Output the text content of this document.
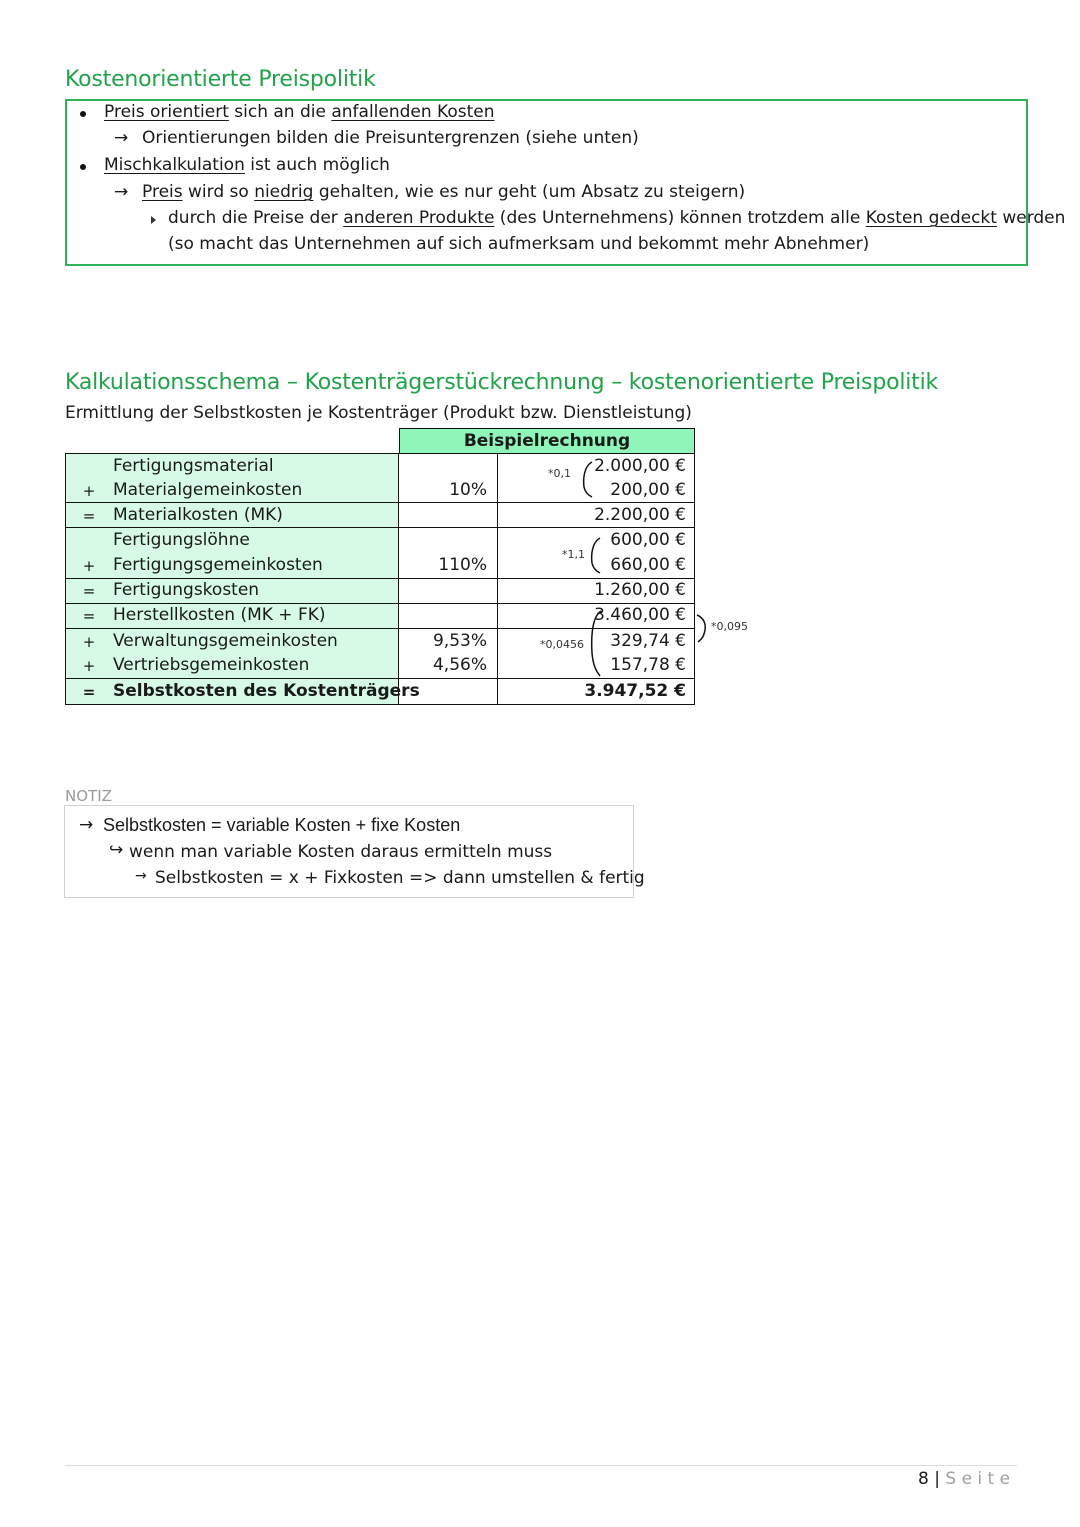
Kostenorientierte Preispolitik
Preis orientiert sich an die anfallenden Kosten
→ Orientierungen bilden die Preisuntergrenzen (siehe unten)
Mischkalkulation ist auch möglich
→ Preis wird so niedrig gehalten, wie es nur geht (um Absatz zu steigern)
durch die Preise der anderen Produkte (des Unternehmens) können trotzdem alle Kosten gedeckt werden
(so macht das Unternehmen auf sich aufmerksam und bekommt mehr Abnehmer)
Kalkulationsschema – Kostenträgerstückrechnung – kostenorientierte Preispolitik
Ermittlung der Selbstkosten je Kostenträger (Produkt bzw. Dienstleistung)
Beispielrechnung
Fertigungsmaterial	2.000,00 €
+ Materialgemeinkosten	10%	200,00 €
= Materialkosten (MK)	2.200,00 €
Fertigungslöhne	600,00 €
+ Fertigungsgemeinkosten	110%	660,00 €
= Fertigungskosten	1.260,00 €
= Herstellkosten (MK + FK)	3.460,00 €
+ Verwaltungsgemeinkosten	9,53%	329,74 €
+ Vertriebsgemeinkosten	4,56%	157,78 €
= Selbstkosten des Kostenträgers	3.947,52 €
*0,1
*1,1
*0,0456
*0,095
NOTIZ
→ Selbstkosten = variable Kosten + fixe Kosten
↪ wenn man variable Kosten daraus ermitteln muss
→ Selbstkosten = x + Fixkosten => dann umstellen & fertig
8 | S e i t e
